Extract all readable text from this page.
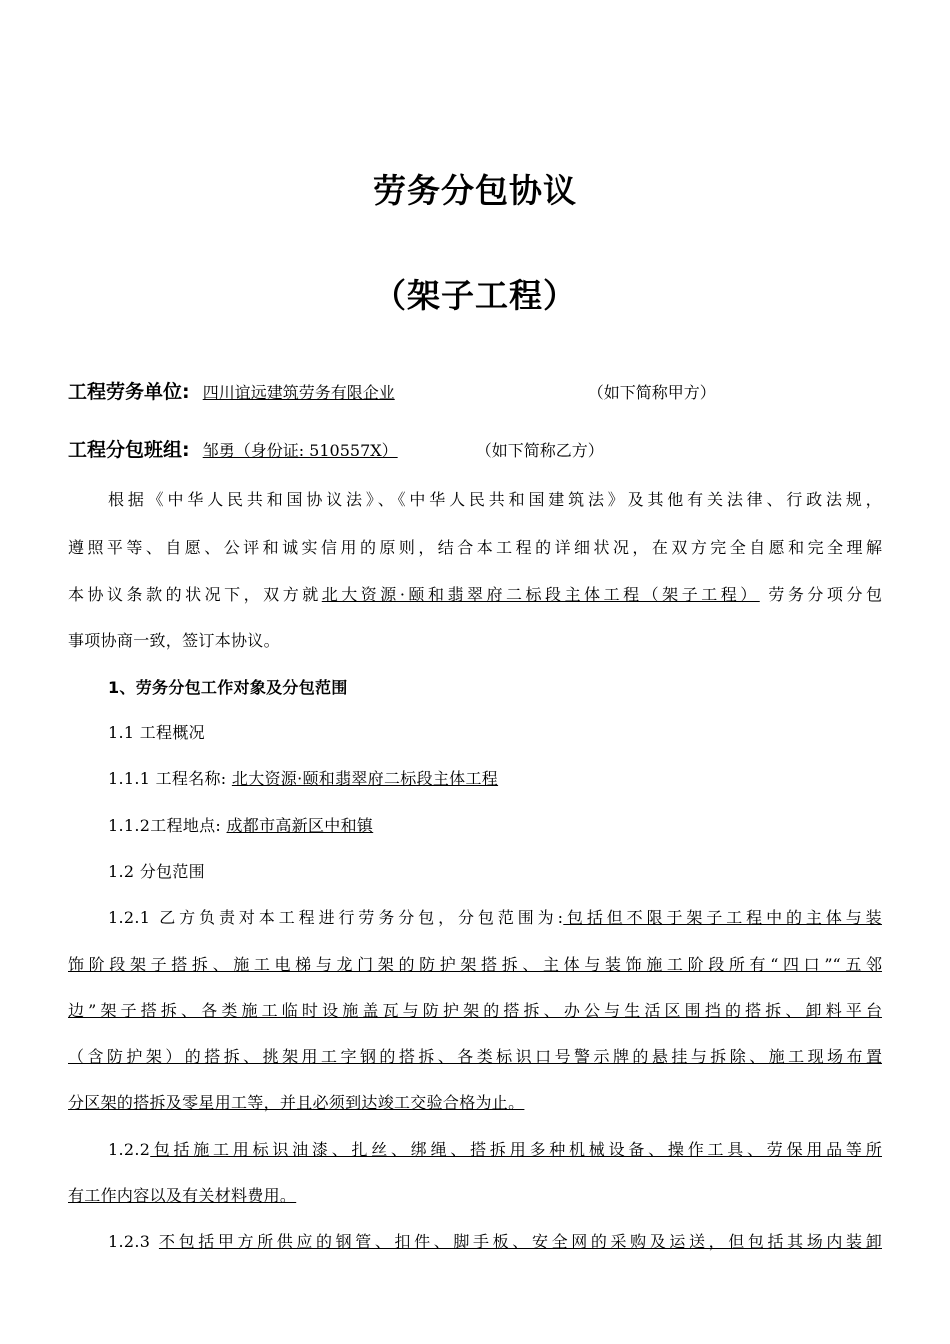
劳务分包协议
（架子工程）
工程劳务单位: 四川谊远建筑劳务有限企业	（如下简称甲方）
工程分包班组: 邹勇（身份证: 510557X）	（如下简称乙方）
根据《中华人民共和国协议法》、《中华人民共和国建筑法》及其他有关法律、行政法规，
遵照平等、自愿、公评和诚实信用的原则，结合本工程的详细状况，在双方完全自愿和完全理解
本协议条款的状况下，双方就北大资源·颐和翡翠府二标段主体工程（架子工程） 劳务分项分包
事项协商一致，签订本协议。
1、劳务分包工作对象及分包范围
1.1 工程概况
1.1.1 工程名称: 北大资源·颐和翡翠府二标段主体工程
1.1.2工程地点: 成都市高新区中和镇
1.2 分包范围
1.2.1 乙方负责对本工程进行劳务分包，分包范围为:包括但不限于架子工程中的主体与装
饰阶段架子搭拆、施工电梯与龙门架的防护架搭拆、主体与装饰施工阶段所有“四口”“五邻
边”架子搭拆、各类施工临时设施盖瓦与防护架的搭拆、办公与生活区围挡的搭拆、卸料平台
（含防护架）的搭拆、挑架用工字钢的搭拆、各类标识口号警示牌的悬挂与拆除、施工现场布置
分区架的搭拆及零星用工等，并且必须到达竣工交验合格为止。
1.2.2包括施工用标识油漆、扎丝、绑绳、搭拆用多种机械设备、操作工具、劳保用品等所
有工作内容以及有关材料费用。
1.2.3 不包括甲方所供应的钢管、扣件、脚手板、安全网的采购及运送，但包括其场内装卸
